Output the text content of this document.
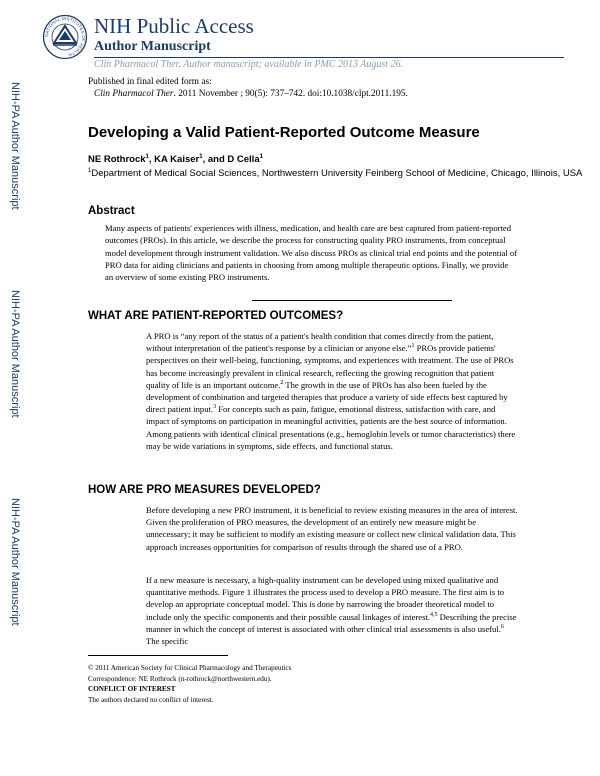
NATIONAL INSTITUTES OF HEALTH
NIH Public Access
Author Manuscript
Clin Pharmacol Ther. Author manuscript; available in PMC 2013 August 26.
NIH-PA Author Manuscript
NIH-PA Author Manuscript
NIH-PA Author Manuscript
Published in final edited form as:
Clin Pharmacol Ther. 2011 November ; 90(5): 737–742. doi:10.1038/clpt.2011.195.
Developing a Valid Patient-Reported Outcome Measure
NE Rothrock$^1$, KA Kaiser$^1$, and D Cella$^1$
$^1$Department of Medical Social Sciences, Northwestern University Feinberg School of Medicine, Chicago, Illinois, USA
Abstract
Many aspects of patients' experiences with illness, medication, and health care are best captured from patient-reported outcomes (PROs). In this article, we describe the process for constructing quality PRO instruments, from conceptual model development through instrument validation. We also discuss PROs as clinical trial end points and the potential of PRO data for aiding clinicians and patients in choosing from among multiple therapeutic options. Finally, we provide an overview of some existing PRO instruments.
WHAT ARE PATIENT-REPORTED OUTCOMES?
A PRO is “any report of the status of a patient's health condition that comes directly from the patient, without interpretation of the patient's response by a clinician or anyone else.”$^1$ PROs provide patients' perspectives on their well-being, functioning, symptoms, and experiences with treatment. The use of PROs has become increasingly prevalent in clinical research, reflecting the growing recognition that patient quality of life is an important outcome.$^2$ The growth in the use of PROs has also been fueled by the development of combination and targeted therapies that produce a variety of side effects best captured by direct patient input.$^3$ For concepts such as pain, fatigue, emotional distress, satisfaction with care, and impact of symptoms on participation in meaningful activities, patients are the best source of information. Among patients with identical clinical presentations (e.g., hemoglobin levels or tumor characteristics) there may be wide variations in symptoms, side effects, and functional status.
HOW ARE PRO MEASURES DEVELOPED?
Before developing a new PRO instrument, it is beneficial to review existing measures in the area of interest. Given the proliferation of PRO measures, the development of an entirely new measure might be unnecessary; it may be sufficient to modify an existing measure or collect new clinical validation data. This approach increases opportunities for comparison of results through the shared use of a PRO.
If a new measure is necessary, a high-quality instrument can be developed using mixed qualitative and quantitative methods. Figure 1 illustrates the process used to develop a PRO measure. The first aim is to develop an appropriate conceptual model. This is done by narrowing the broader theoretical model to include only the specific components and their possible causal linkages of interest.$^{4,5}$ Describing the precise manner in which the concept of interest is associated with other clinical trial assessments is also useful.$^6$ The specific
© 2011 American Society for Clinical Pharmacology and Therapeutics
Correspondence: NE Rothrock (n-rothrock@northwestern.edu).
CONFLICT OF INTEREST
The authors declared no conflict of interest.
